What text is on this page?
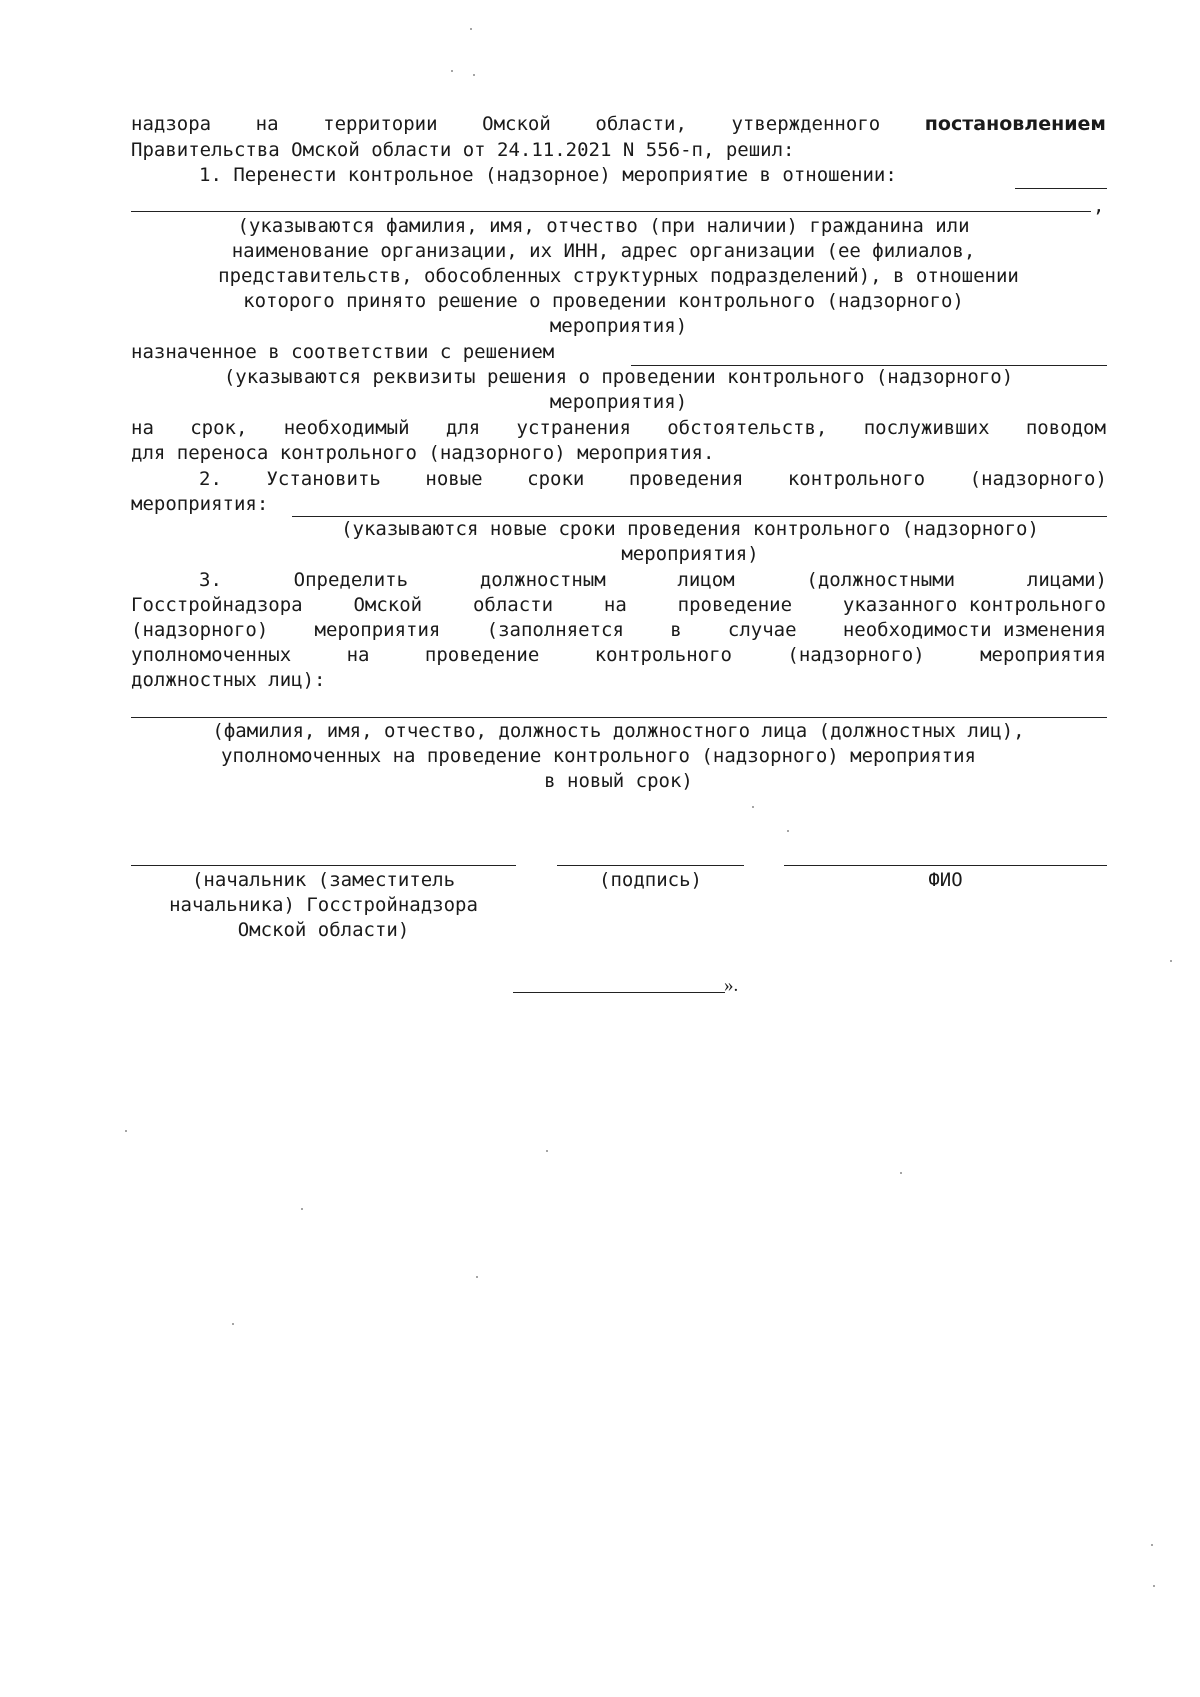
надзора на территории Омской области, утвержденного постановлением
Правительства Омской области от 24.11.2021 N 556-п, решил:
1. Перенести контрольное (надзорное) мероприятие в отношении:
,
(указываются фамилия, имя, отчество (при наличии) гражданина или
наименование организации, их ИНН, адрес организации (ее филиалов,
представительств, обособленных структурных подразделений), в отношении
которого принято решение о проведении контрольного (надзорного)
мероприятия)
назначенное в соответствии с решением
(указываются реквизиты решения о проведении контрольного (надзорного)
мероприятия)
на срок, необходимый для устранения обстоятельств, послуживших поводом
для переноса контрольного (надзорного) мероприятия.
2. Установить новые сроки проведения контрольного (надзорного)
мероприятия:
(указываются новые сроки проведения контрольного (надзорного)
мероприятия)
3.	Определить	должностным	лицом	(должностными	лицами)
Госстройнадзора	Омской	области	на	проведение	указанного контрольного
(надзорного) мероприятия (заполняется в случае необходимости изменения
уполномоченных	на	проведение	контрольного	(надзорного)	мероприятия
должностных лиц):
(фамилия, имя, отчество, должность должностного лица (должностных лиц),
уполномоченных на проведение контрольного (надзорного) мероприятия
в новый срок)
(начальник (заместитель
начальника) Госстройнадзора
Омской области)
(подпись)	ФИО
».
